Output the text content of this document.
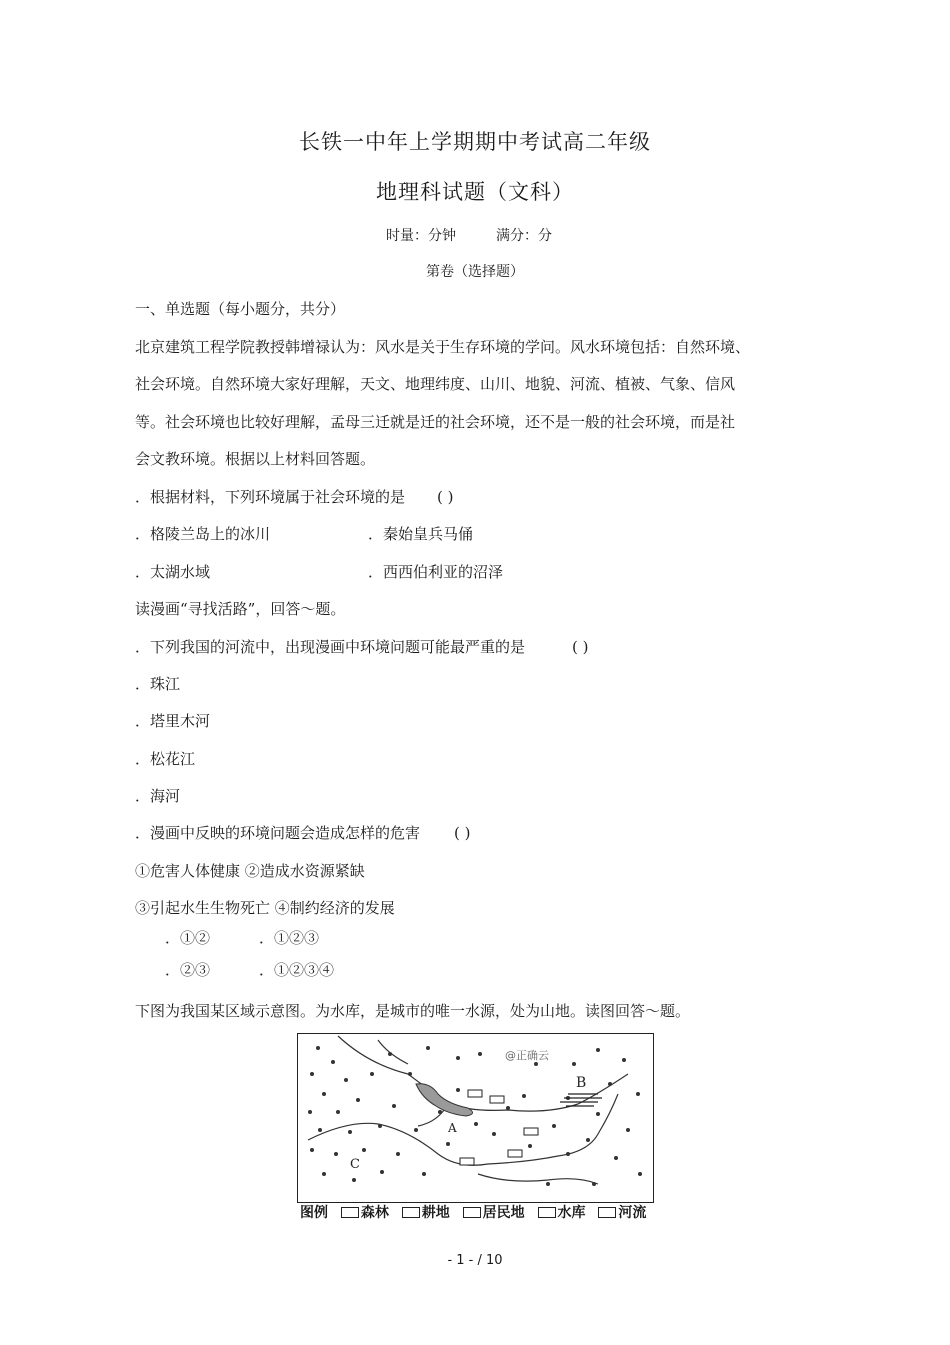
长铁一中年上学期期中考试高二年级
地理科试题（文科）
时量：分钟	满分：分
第卷（选择题）
一、单选题（每小题分，共分）
北京建筑工程学院教授韩增禄认为：风水是关于生存环境的学问。风水环境包括：自然环境、
社会环境。自然环境大家好理解，天文、地理纬度、山川、地貌、河流、植被、气象、信风
等。社会环境也比较好理解，孟母三迁就是迁的社会环境，还不是一般的社会环境，而是社
会文教环境。根据以上材料回答题。
．根据材料，下列环境属于社会环境的是 ( )
．格陵兰岛上的冰川	．秦始皇兵马俑
．太湖水域	．西西伯利亚的沼泽
读漫画“寻找活路”，回答～题。
．下列我国的河流中，出现漫画中环境问题可能最严重的是	( )
．珠江
．塔里木河
．松花江
．海河
．漫画中反映的环境问题会造成怎样的危害 ( )
①危害人体健康 ②造成水资源紧缺
③引起水生生物死亡 ④制约经济的发展
．①②	．①②③
．②③	．①②③④
下图为我国某区域示意图。为水库，是城市的唯一水源，处为山地。读图回答～题。
@正确云
A
B
C
图例 森林 耕地 居民地 水库 河流
- 1 - / 10
